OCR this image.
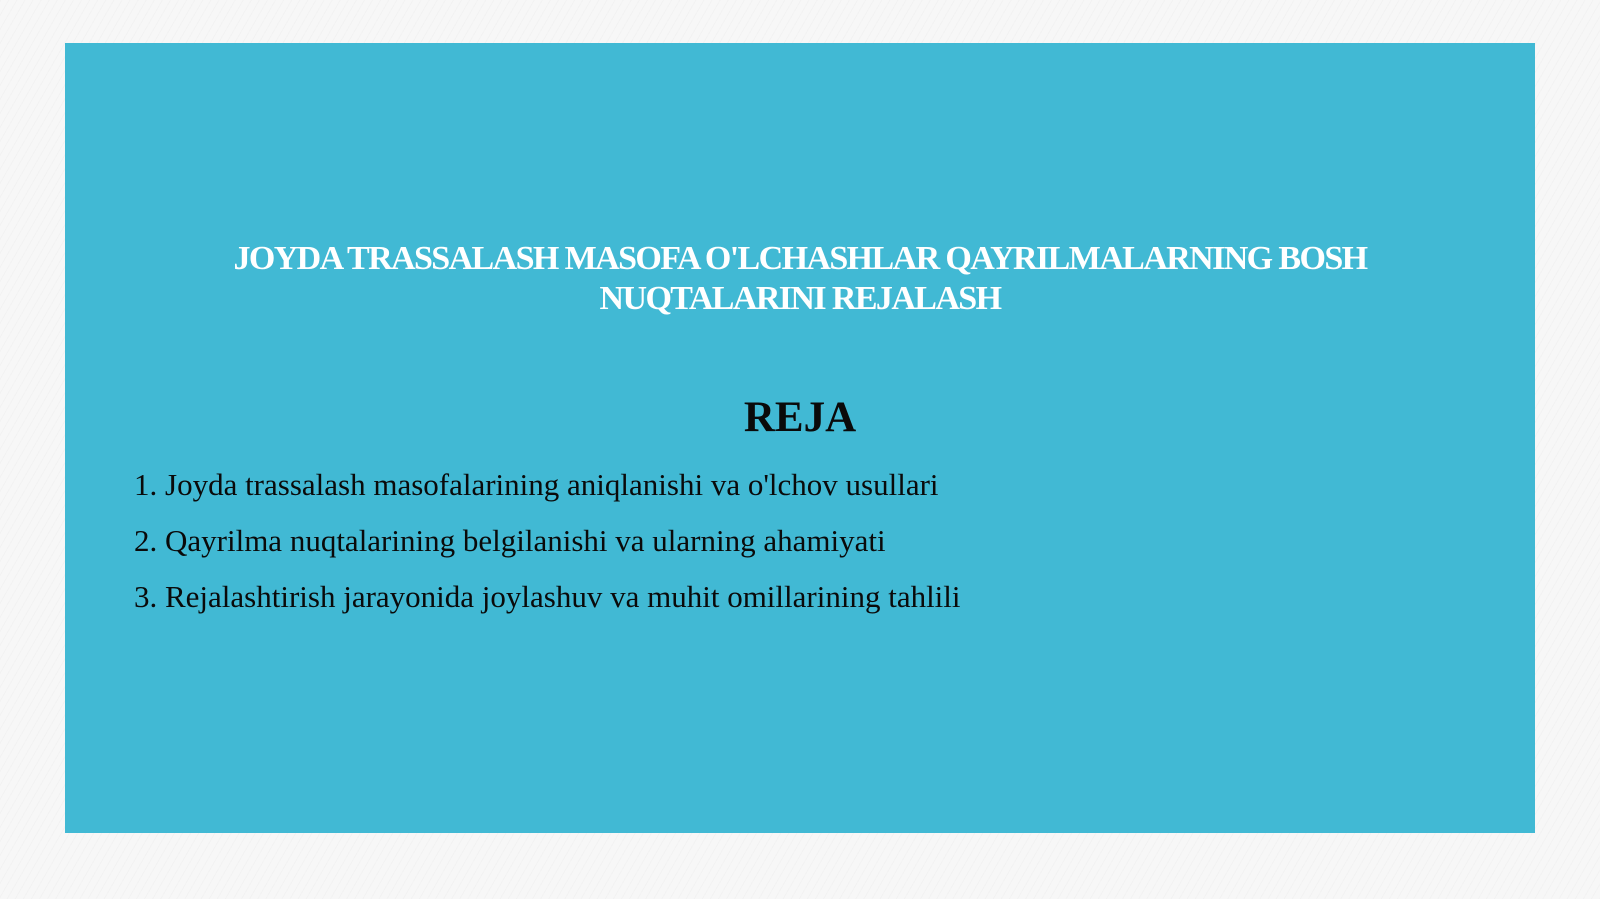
JOYDA TRASSALASH MASOFA O'LCHASHLAR QAYRILMALARNING BOSH
NUQTALARINI REJALASH
REJA
1. Joyda trassalash masofalarining aniqlanishi va o'lchov usullari
2. Qayrilma nuqtalarining belgilanishi va ularning ahamiyati
3. Rejalashtirish jarayonida joylashuv va muhit omillarining tahlili
